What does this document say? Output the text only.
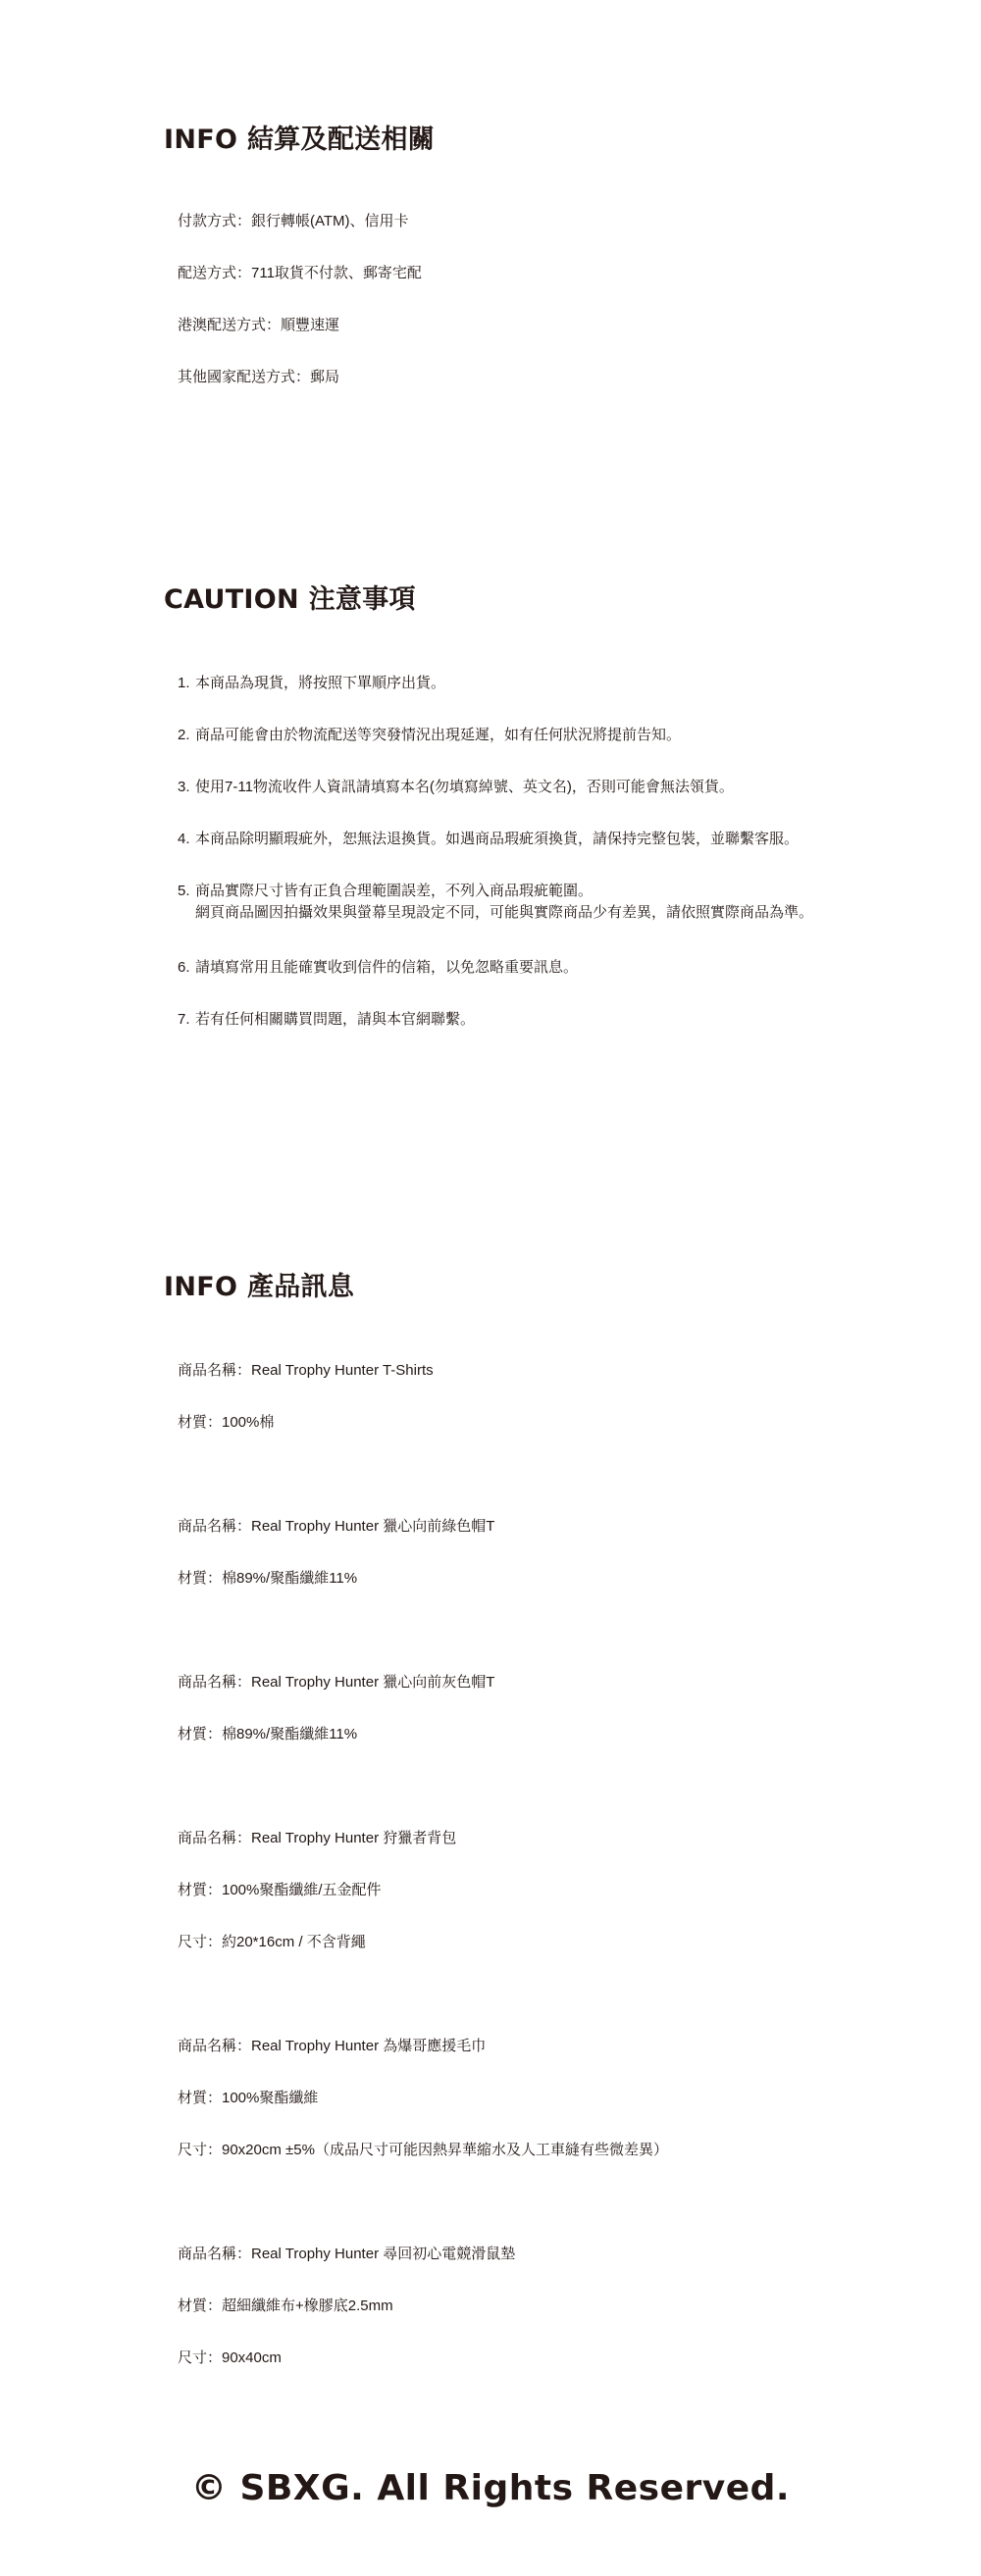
INFO 結算及配送相關
付款方式：銀行轉帳(ATM)、信用卡
配送方式：711取貨不付款、郵寄宅配
港澳配送方式：順豐速運
其他國家配送方式：郵局
CAUTION 注意事項
1. 本商品為現貨，將按照下單順序出貨。
2. 商品可能會由於物流配送等突發情況出現延遲，如有任何狀況將提前告知。
3. 使用7-11物流收件人資訊請填寫本名(勿填寫綽號、英文名)，否則可能會無法領貨。
4. 本商品除明顯瑕疵外，恕無法退換貨。如遇商品瑕疵須換貨，請保持完整包裝，並聯繫客服。
5. 商品實際尺寸皆有正負合理範圍誤差，不列入商品瑕疵範圍。
網頁商品圖因拍攝效果與螢幕呈現設定不同，可能與實際商品少有差異，請依照實際商品為準。
6. 請填寫常用且能確實收到信件的信箱，以免忽略重要訊息。
7. 若有任何相關購買問題，請與本官網聯繫。
INFO 產品訊息
商品名稱：Real Trophy Hunter T-Shirts
材質：100%棉
商品名稱：Real Trophy Hunter 獵心向前綠色帽T
材質：棉89%/聚酯纖維11%
商品名稱：Real Trophy Hunter 獵心向前灰色帽T
材質：棉89%/聚酯纖維11%
商品名稱：Real Trophy Hunter 狩獵者背包
材質：100%聚酯纖維/五金配件
尺寸：約20*16cm / 不含背繩
商品名稱：Real Trophy Hunter 為爆哥應援毛巾
材質：100%聚酯纖維
尺寸：90x20cm ±5%（成品尺寸可能因熱昇華縮水及人工車縫有些微差異）
商品名稱：Real Trophy Hunter 尋回初心電競滑鼠墊
材質：超細纖維布+橡膠底2.5mm
尺寸：90x40cm
© SBXG. All Rights Reserved.
